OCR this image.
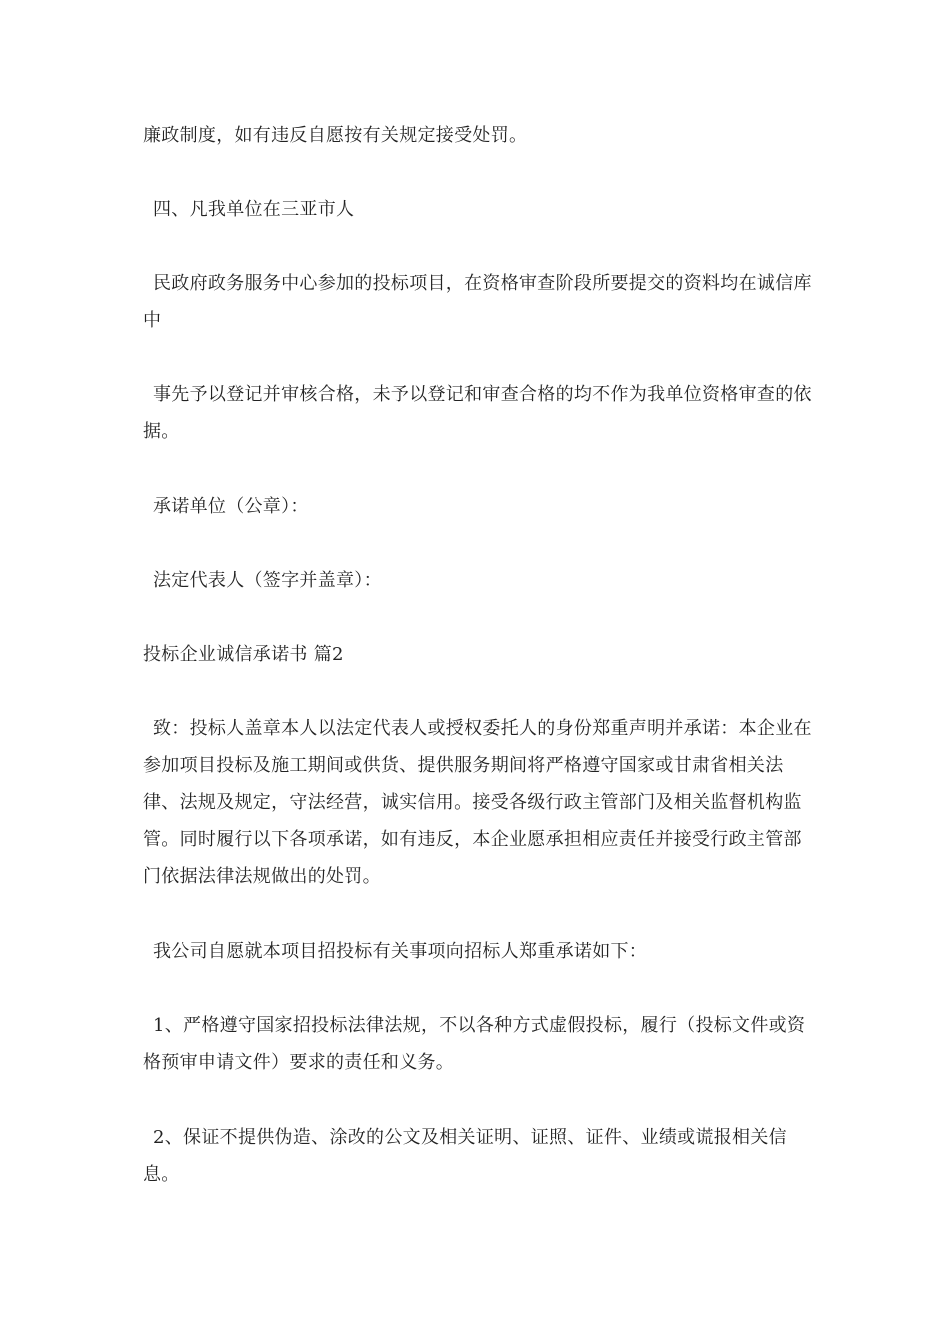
廉政制度，如有违反自愿按有关规定接受处罚。

四、凡我单位在三亚市人

民政府政务服务中心参加的投标项目，在资格审查阶段所要提交的资料均在诚信库中

事先予以登记并审核合格，未予以登记和审查合格的均不作为我单位资格审查的依据。

承诺单位（公章）：

法定代表人（签字并盖章）：

投标企业诚信承诺书 篇2

致：投标人盖章本人以法定代表人或授权委托人的身份郑重声明并承诺：本企业在参加项目投标及施工期间或供货、提供服务期间将严格遵守国家或甘肃省相关法律、法规及规定，守法经营，诚实信用。接受各级行政主管部门及相关监督机构监管。同时履行以下各项承诺，如有违反，本企业愿承担相应责任并接受行政主管部门依据法律法规做出的处罚。

我公司自愿就本项目招投标有关事项向招标人郑重承诺如下：

1、严格遵守国家招投标法律法规，不以各种方式虚假投标，履行（投标文件或资格预审申请文件）要求的责任和义务。

2、保证不提供伪造、涂改的公文及相关证明、证照、证件、业绩或谎报相关信息。
